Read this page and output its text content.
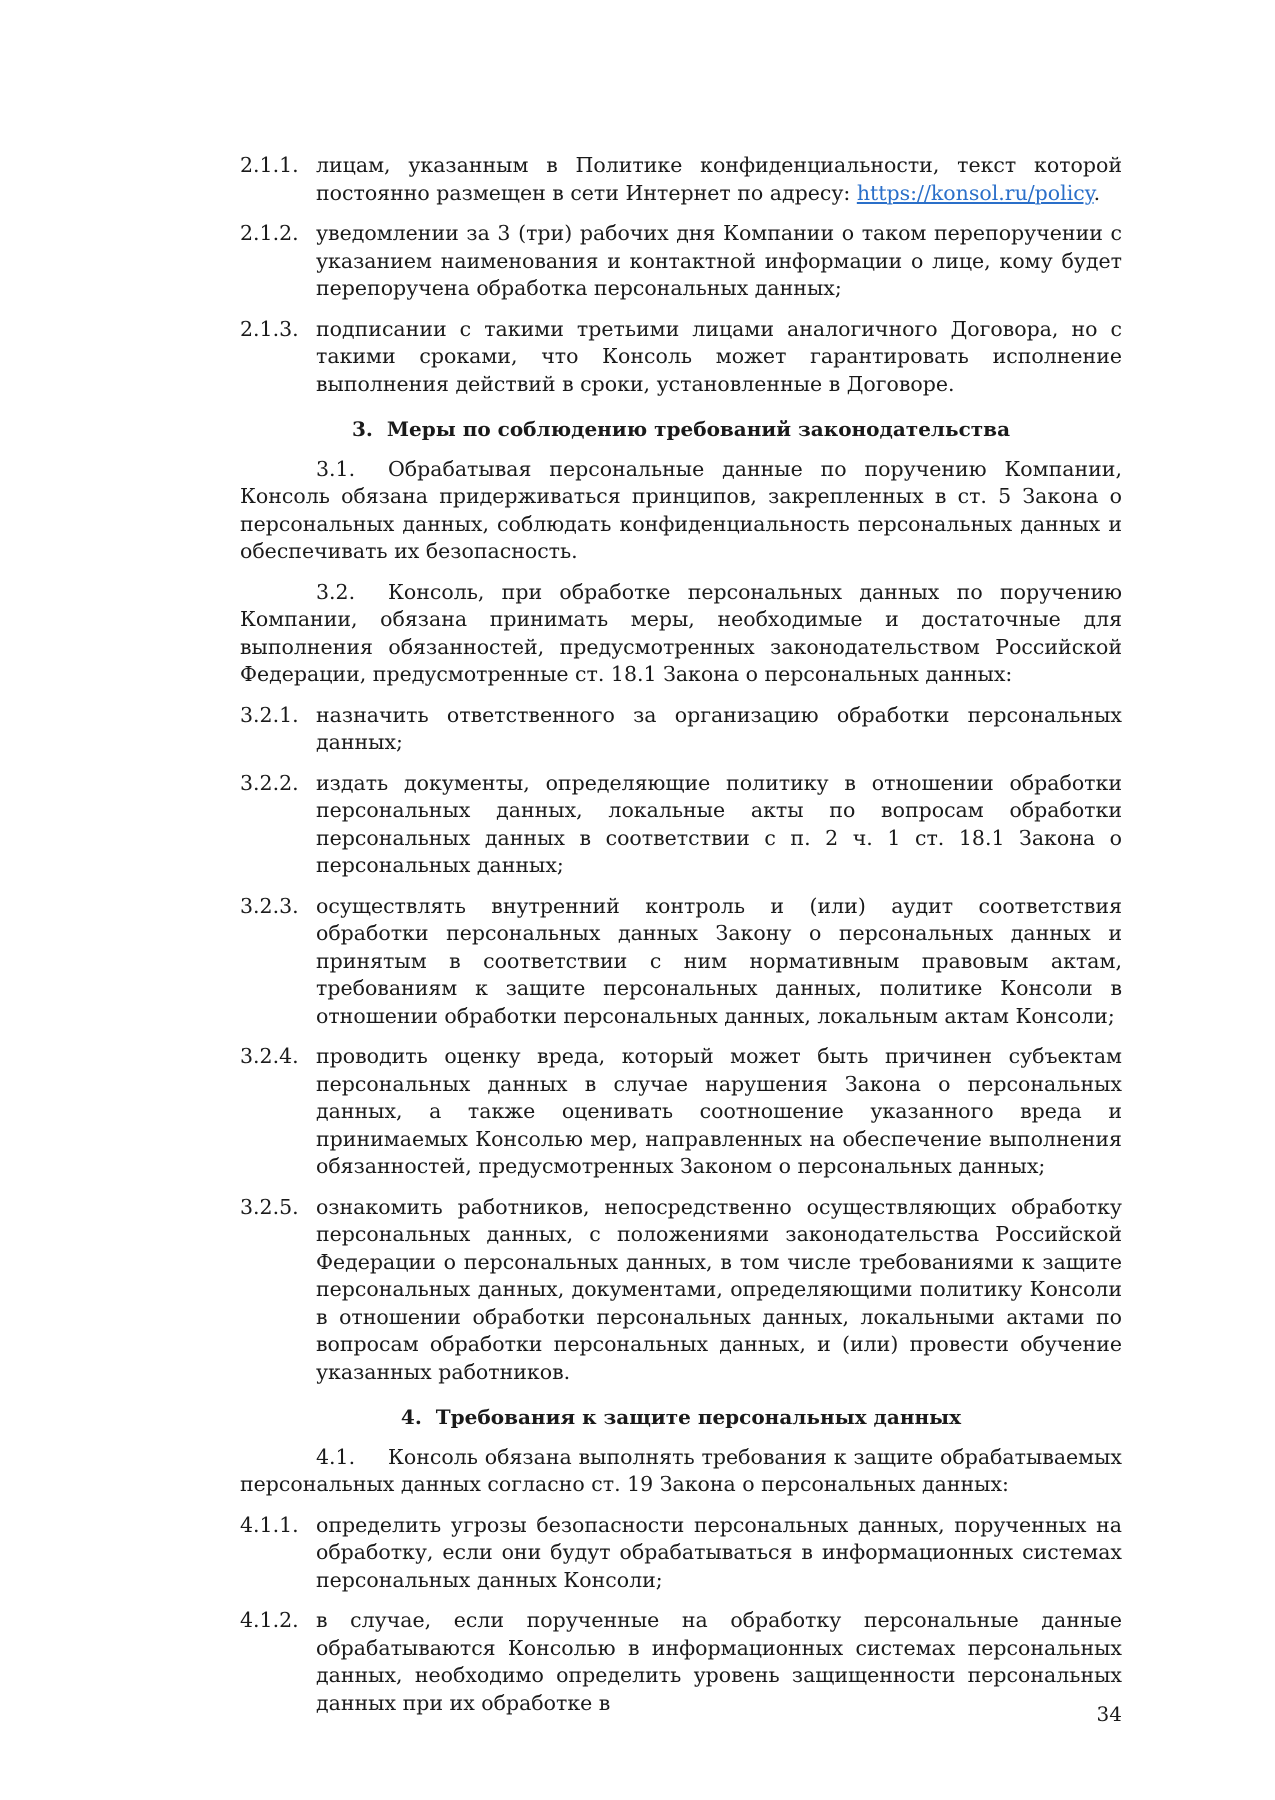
2.1.1. лицам, указанным в Политике конфиденциальности, текст которой постоянно размещен в сети Интернет по адресу: https://konsol.ru/policy.
2.1.2. уведомлении за 3 (три) рабочих дня Компании о таком перепоручении с указанием наименования и контактной информации о лице, кому будет перепоручена обработка персональных данных;
2.1.3. подписании с такими третьими лицами аналогичного Договора, но с такими сроками, что Консоль может гарантировать исполнение выполнения действий в сроки, установленные в Договоре.
3. Меры по соблюдению требований законодательства
3.1. Обрабатывая персональные данные по поручению Компании, Консоль обязана придерживаться принципов, закрепленных в ст. 5 Закона о персональных данных, соблюдать конфиденциальность персональных данных и обеспечивать их безопасность.
3.2. Консоль, при обработке персональных данных по поручению Компании, обязана принимать меры, необходимые и достаточные для выполнения обязанностей, предусмотренных законодательством Российской Федерации, предусмотренные ст. 18.1 Закона о персональных данных:
3.2.1. назначить ответственного за организацию обработки персональных данных;
3.2.2. издать документы, определяющие политику в отношении обработки персональных данных, локальные акты по вопросам обработки персональных данных в соответствии с п. 2 ч. 1 ст. 18.1 Закона о персональных данных;
3.2.3. осуществлять внутренний контроль и (или) аудит соответствия обработки персональных данных Закону о персональных данных и принятым в соответствии с ним нормативным правовым актам, требованиям к защите персональных данных, политике Консоли в отношении обработки персональных данных, локальным актам Консоли;
3.2.4. проводить оценку вреда, который может быть причинен субъектам персональных данных в случае нарушения Закона о персональных данных, а также оценивать соотношение указанного вреда и принимаемых Консолью мер, направленных на обеспечение выполнения обязанностей, предусмотренных Законом о персональных данных;
3.2.5. ознакомить работников, непосредственно осуществляющих обработку персональных данных, с положениями законодательства Российской Федерации о персональных данных, в том числе требованиями к защите персональных данных, документами, определяющими политику Консоли в отношении обработки персональных данных, локальными актами по вопросам обработки персональных данных, и (или) провести обучение указанных работников.
4. Требования к защите персональных данных
4.1. Консоль обязана выполнять требования к защите обрабатываемых персональных данных согласно ст. 19 Закона о персональных данных:
4.1.1. определить угрозы безопасности персональных данных, порученных на обработку, если они будут обрабатываться в информационных системах персональных данных Консоли;
4.1.2. в случае, если порученные на обработку персональные данные обрабатываются Консолью в информационных системах персональных данных, необходимо определить уровень защищенности персональных данных при их обработке в	34
